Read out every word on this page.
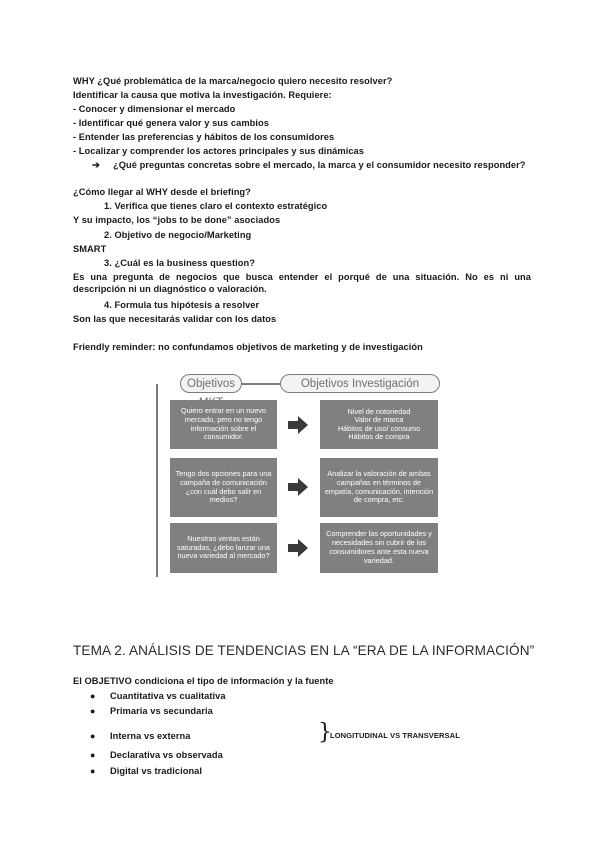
WHY ¿Qué problemática de la marca/negocio quiero necesito resolver?
Identificar la causa que motiva la investigación. Requiere:
- Conocer y dimensionar el mercado
- Identificar qué genera valor y sus cambios
- Entender las preferencias y hábitos de los consumidores
- Localizar y comprender los actores principales y sus dinámicas
➔ ¿Qué preguntas concretas sobre el mercado, la marca y el consumidor necesito responder?
¿Cómo llegar al WHY desde el briefing?
1. Verifica que tienes claro el contexto estratégico
Y su impacto, los “jobs to be done” asociados
2. Objetivo de negocio/Marketing
SMART
3. ¿Cuál es la business question?
Es una pregunta de negocios que busca entender el porqué de una situación. No es ni una descripción ni un diagnóstico o valoración.
4. Formula tus hipótesis a resolver
Son las que necesitarás validar con los datos
Friendly reminder: no confundamos objetivos de marketing y de investigación
Objetivos	Objetivos Investigación
Quiero entrar en un nuevo mercado, pero no tengo información sobre el consumidor.
Nivel de notoriedad
Valor de marca
Hábitos de uso/ consumo
Hábitos de compra
Tengo dos opciones para una campaña de comunicación ¿con cuál debo salir en medios?
Analizar la valoración de ambas campañas en términos de empatía, comunicación, intención de compra, etc.
Nuestras ventas están saturadas, ¿debo lanzar una nueva variedad al mercado?
Comprender las oportunidades y necesidades sin cubrir de los consumidores ante esta nueva variedad.
TEMA 2. ANÁLISIS DE TENDENCIAS EN LA “ERA DE LA INFORMACIÓN”
El OBJETIVO condiciona el tipo de información y la fuente
● Cuantitativa vs cualitativa
● Primaria vs secundaria
● Interna vs externa
● Declarativa vs observada
● Digital vs tradicional
}
LONGITUDINAL VS TRANSVERSAL
